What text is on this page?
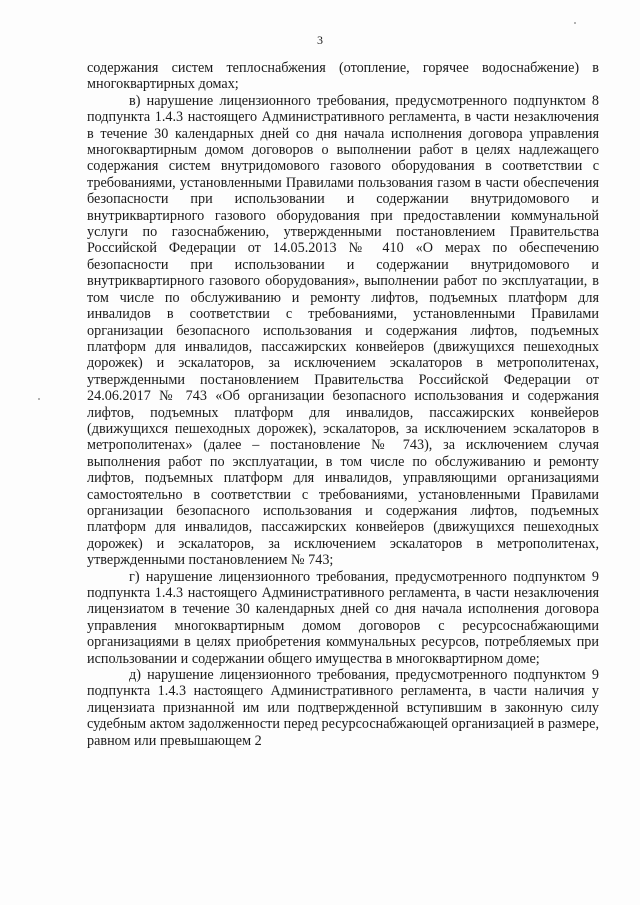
3

содержания систем теплоснабжения (отопление, горячее водоснабжение) в многоквартирных домах;

в) нарушение лицензионного требования, предусмотренного подпунктом 8 подпункта 1.4.3 настоящего Административного регламента, в части незаключения в течение 30 календарных дней со дня начала исполнения договора управления многоквартирным домом договоров о выполнении работ в целях надлежащего содержания систем внутридомового газового оборудования в соответствии с требованиями, установленными Правилами пользования газом в части обеспечения безопасности при использовании и содержании внутридомового и внутриквартирного газового оборудования при предоставлении коммунальной услуги по газоснабжению, утвержденными постановлением Правительства Российской Федерации от 14.05.2013 № 410 «О мерах по обеспечению безопасности при использовании и содержании внутридомового и внутриквартирного газового оборудования», выполнении работ по эксплуатации, в том числе по обслуживанию и ремонту лифтов, подъемных платформ для инвалидов в соответствии с требованиями, установленными Правилами организации безопасного использования и содержания лифтов, подъемных платформ для инвалидов, пассажирских конвейеров (движущихся пешеходных дорожек) и эскалаторов, за исключением эскалаторов в метрополитенах, утвержденными постановлением Правительства Российской Федерации от 24.06.2017 № 743 «Об организации безопасного использования и содержания лифтов, подъемных платформ для инвалидов, пассажирских конвейеров (движущихся пешеходных дорожек), эскалаторов, за исключением эскалаторов в метрополитенах» (далее – постановление № 743), за исключением случая выполнения работ по эксплуатации, в том числе по обслуживанию и ремонту лифтов, подъемных платформ для инвалидов, управляющими организациями самостоятельно в соответствии с требованиями, установленными Правилами организации безопасного использования и содержания лифтов, подъемных платформ для инвалидов, пассажирских конвейеров (движущихся пешеходных дорожек) и эскалаторов, за исключением эскалаторов в метрополитенах, утвержденными постановлением № 743;

г) нарушение лицензионного требования, предусмотренного подпунктом 9 подпункта 1.4.3 настоящего Административного регламента, в части незаключения лицензиатом в течение 30 календарных дней со дня начала исполнения договора управления многоквартирным домом договоров с ресурсоснабжающими организациями в целях приобретения коммунальных ресурсов, потребляемых при использовании и содержании общего имущества в многоквартирном доме;

д) нарушение лицензионного требования, предусмотренного подпунктом 9 подпункта 1.4.3 настоящего Административного регламента, в части наличия у лицензиата признанной им или подтвержденной вступившим в законную силу судебным актом задолженности перед ресурсоснабжающей организацией в размере, равном или превышающем 2
